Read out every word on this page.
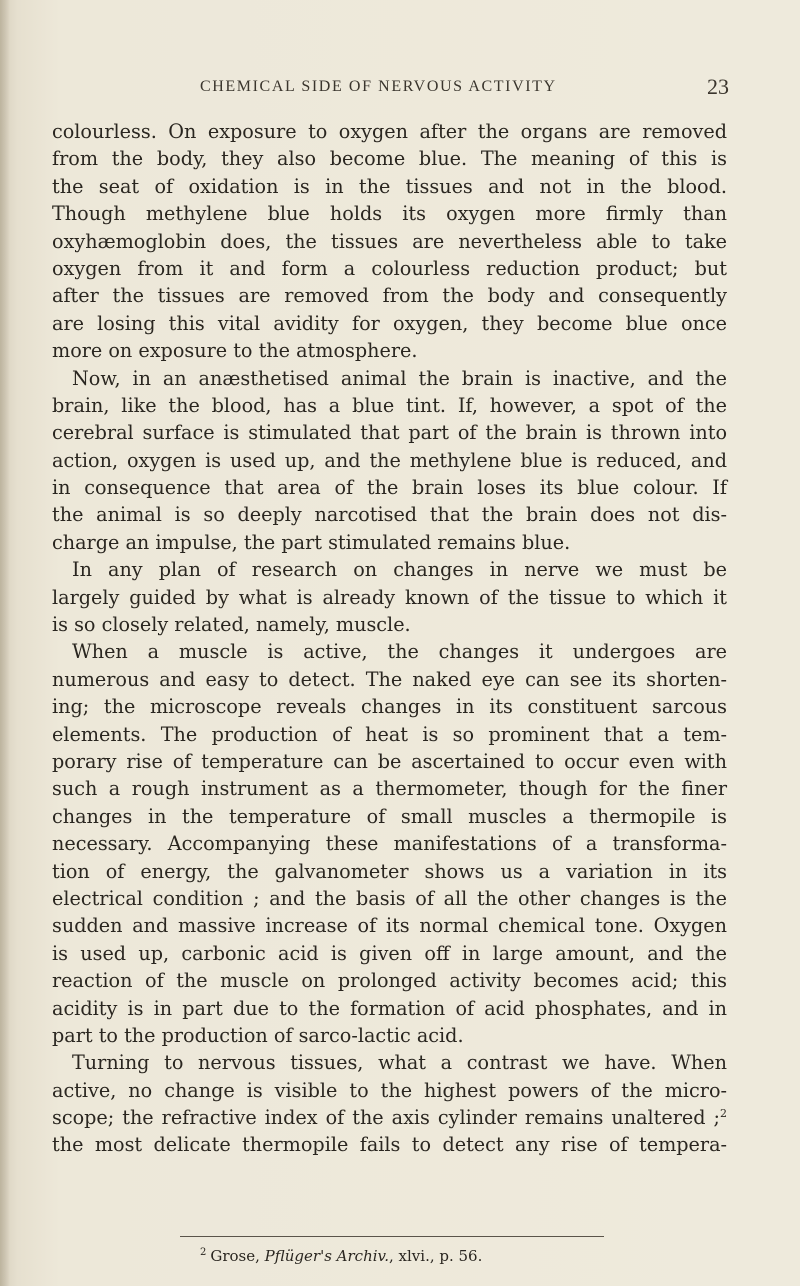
CHEMICAL SIDE OF NERVOUS ACTIVITY	23
colourless. On exposure to oxygen after the organs are removed
from the body, they also become blue. The meaning of this is
the seat of oxidation is in the tissues and not in the blood.
Though methylene blue holds its oxygen more firmly than
oxyhæmoglobin does, the tissues are nevertheless able to take
oxygen from it and form a colourless reduction product; but
after the tissues are removed from the body and consequently
are losing this vital avidity for oxygen, they become blue once
more on exposure to the atmosphere.
Now, in an anæsthetised animal the brain is inactive, and the
brain, like the blood, has a blue tint. If, however, a spot of the
cerebral surface is stimulated that part of the brain is thrown into
action, oxygen is used up, and the methylene blue is reduced, and
in consequence that area of the brain loses its blue colour. If
the animal is so deeply narcotised that the brain does not dis-
charge an impulse, the part stimulated remains blue.
In any plan of research on changes in nerve we must be
largely guided by what is already known of the tissue to which it
is so closely related, namely, muscle.
When a muscle is active, the changes it undergoes are
numerous and easy to detect. The naked eye can see its shorten-
ing; the microscope reveals changes in its constituent sarcous
elements. The production of heat is so prominent that a tem-
porary rise of temperature can be ascertained to occur even with
such a rough instrument as a thermometer, though for the finer
changes in the temperature of small muscles a thermopile is
necessary. Accompanying these manifestations of a transforma-
tion of energy, the galvanometer shows us a variation in its
electrical condition ; and the basis of all the other changes is the
sudden and massive increase of its normal chemical tone. Oxygen
is used up, carbonic acid is given off in large amount, and the
reaction of the muscle on prolonged activity becomes acid; this
acidity is in part due to the formation of acid phosphates, and in
part to the production of sarco-lactic acid.
Turning to nervous tissues, what a contrast we have. When
active, no change is visible to the highest powers of the micro-
scope; the refractive index of the axis cylinder remains unaltered ;$^2$
the most delicate thermopile fails to detect any rise of tempera-
$^2$ Grose, Pflüger's Archiv., xlvi., p. 56.
